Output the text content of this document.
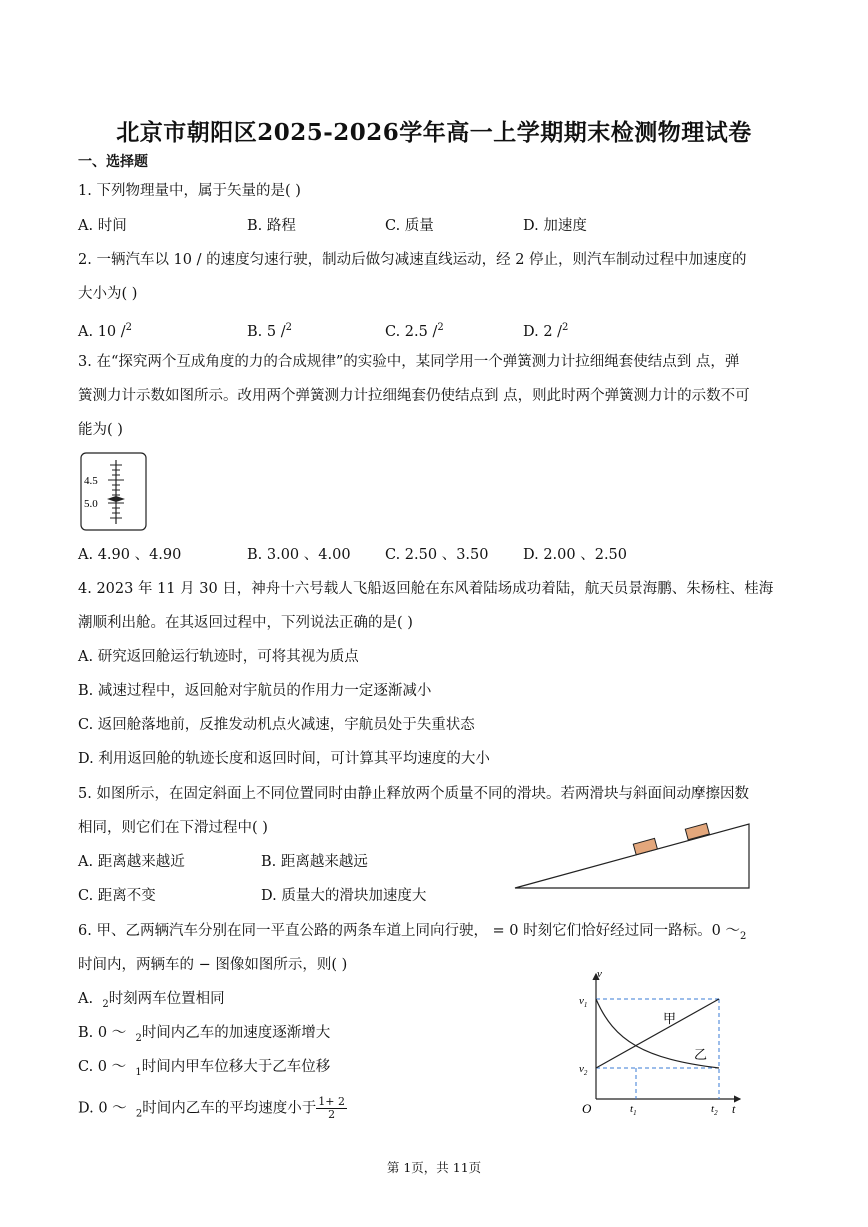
北京市朝阳区2025-2026学年高一上学期期末检测物理试卷
一、选择题
1. 下列物理量中，属于矢量的是( )
A. 时间	B. 路程	C. 质量	D. 加速度
2. 一辆汽车以 10 / 的速度匀速行驶，制动后做匀减速直线运动，经 2 停止，则汽车制动过程中加速度的
大小为( )
A. 10 /$^2$	B. 5 /$^2$	C. 2.5 /$^2$	D. 2 /$^2$
3. 在“探究两个互成角度的力的合成规律”的实验中，某同学用一个弹簧测力计拉细绳套使结点到 点，弹
簧测力计示数如图所示。改用两个弹簧测力计拉细绳套仍使结点到 点，则此时两个弹簧测力计的示数不可
能为( )
4.5
5.0
A. 4.90 、4.90	B. 3.00 、4.00 C. 2.50 、3.50 D. 2.00 、2.50
4. 2023 年 11 月 30 日，神舟十六号载人飞船返回舱在东风着陆场成功着陆，航天员景海鹏、朱杨柱、桂海
潮顺利出舱。在其返回过程中，下列说法正确的是( )
A. 研究返回舱运行轨迹时，可将其视为质点
B. 减速过程中，返回舱对宇航员的作用力一定逐渐减小
C. 返回舱落地前，反推发动机点火减速，宇航员处于失重状态
D. 利用返回舱的轨迹长度和返回时间，可计算其平均速度的大小
5. 如图所示，在固定斜面上不同位置同时由静止释放两个质量不同的滑块。若两滑块与斜面间动摩擦因数
相同，则它们在下滑过程中( )
A. 距离越来越近	B. 距离越来越远
C. 距离不变	D. 质量大的滑块加速度大
6. 甲、乙两辆汽车分别在同一平直公路的两条车道上同向行驶， = 0 时刻它们恰好经过同一路标。0 $\sim_2$
时间内，两辆车的 − 图像如图所示，则( )
A. $_2$时刻两车位置相同
B. 0 ～ $_2$时间内乙车的加速度逐渐增大
C. 0 ～ $_1$时间内甲车位移大于乙车位移
D. 0 ～ $_2$时间内乙车的平均速度小于 $\frac{1+ 2}{2}$
v
t
O
$v_1$
$v_2$
$t_1$	$t_2$
甲
乙
第 1页，共 11页
